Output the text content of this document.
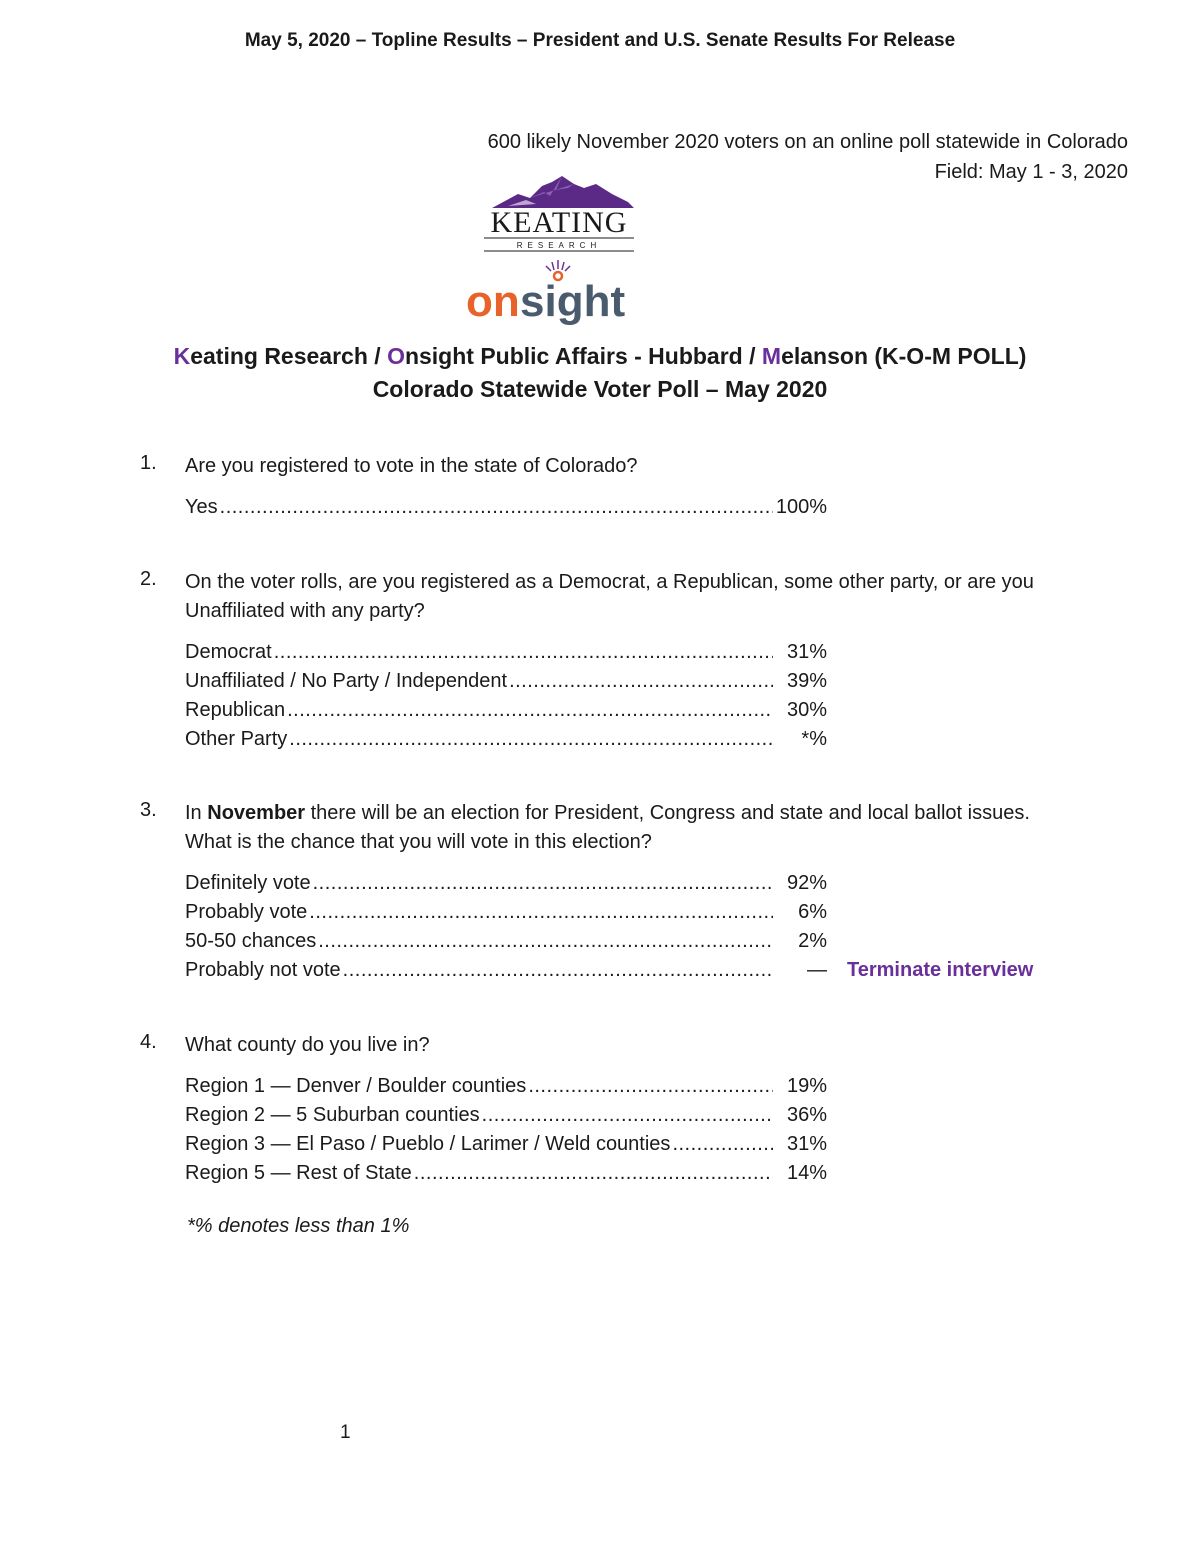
May 5, 2020 – Topline Results – President and U.S. Senate Results For Release
600 likely November 2020 voters on an online poll statewide in Colorado
Field: May 1 - 3, 2020
KEATING
RESEARCH
on sight
Keating Research / Onsight Public Affairs - Hubbard / Melanson (K-O-M POLL)
Colorado Statewide Voter Poll – May 2020
1. Are you registered to vote in the state of Colorado?
Yes .....	100%
2. On the voter rolls, are you registered as a Democrat, a Republican, some other party, or are you Unaffiliated with any party?
Democrat .....	31%
Unaffiliated / No Party / Independent .....	39%
Republican .....	30%
Other Party .....	*%
3. In November there will be an election for President, Congress and state and local ballot issues. What is the chance that you will vote in this election?
Definitely vote .....	92%
Probably vote .....	6%
50-50 chances .....	2%
Probably not vote .....	— Terminate interview
4. What county do you live in?
Region 1 — Denver / Boulder counties .....	19%
Region 2 — 5 Suburban counties .....	36%
Region 3 — El Paso / Pueblo / Larimer / Weld counties .....	31%
Region 5 — Rest of State .....	14%
*% denotes less than 1%
1
